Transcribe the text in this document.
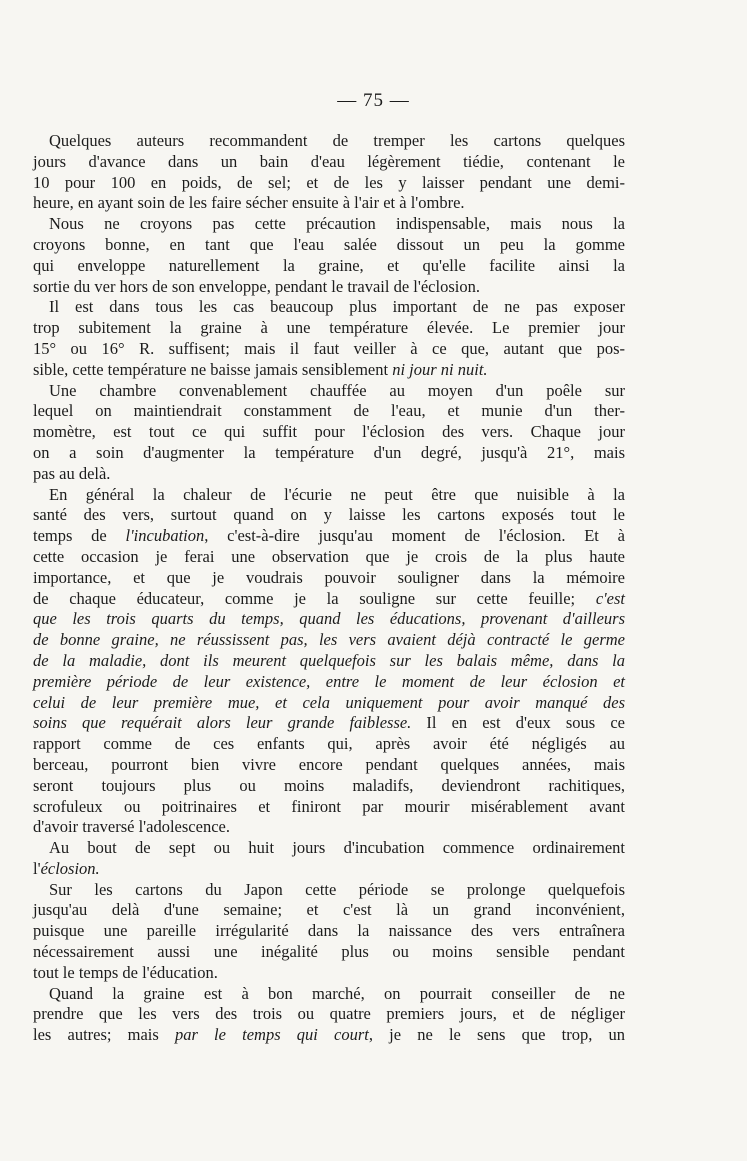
— 75 —
Quelques auteurs recommandent de tremper les cartons quelques
jours d'avance dans un bain d'eau légèrement tiédie, contenant le
10 pour 100 en poids, de sel; et de les y laisser pendant une demi-
heure, en ayant soin de les faire sécher ensuite à l'air et à l'ombre.
Nous ne croyons pas cette précaution indispensable, mais nous la
croyons bonne, en tant que l'eau salée dissout un peu la gomme
qui enveloppe naturellement la graine, et qu'elle facilite ainsi la
sortie du ver hors de son enveloppe, pendant le travail de l'éclosion.
Il est dans tous les cas beaucoup plus important de ne pas exposer
trop subitement la graine à une température élevée. Le premier jour
15° ou 16° R. suffisent; mais il faut veiller à ce que, autant que pos-
sible, cette température ne baisse jamais sensiblement ni jour ni nuit.
Une chambre convenablement chauffée au moyen d'un poêle sur
lequel on maintiendrait constamment de l'eau, et munie d'un ther-
momètre, est tout ce qui suffit pour l'éclosion des vers. Chaque jour
on a soin d'augmenter la température d'un degré, jusqu'à 21°, mais
pas au delà.
En général la chaleur de l'écurie ne peut être que nuisible à la
santé des vers, surtout quand on y laisse les cartons exposés tout le
temps de l'incubation, c'est-à-dire jusqu'au moment de l'éclosion. Et à
cette occasion je ferai une observation que je crois de la plus haute
importance, et que je voudrais pouvoir souligner dans la mémoire
de chaque éducateur, comme je la souligne sur cette feuille; c'est
que les trois quarts du temps, quand les éducations, provenant d'ailleurs
de bonne graine, ne réussissent pas, les vers avaient déjà contracté le germe
de la maladie, dont ils meurent quelquefois sur les balais même, dans la
première période de leur existence, entre le moment de leur éclosion et
celui de leur première mue, et cela uniquement pour avoir manqué des
soins que requérait alors leur grande faiblesse. Il en est d'eux sous ce
rapport comme de ces enfants qui, après avoir été négligés au
berceau, pourront bien vivre encore pendant quelques années, mais
seront toujours plus ou moins maladifs, deviendront rachitiques,
scrofuleux ou poitrinaires et finiront par mourir misérablement avant
d'avoir traversé l'adolescence.
Au bout de sept ou huit jours d'incubation commence ordinairement
l'éclosion.
Sur les cartons du Japon cette période se prolonge quelquefois
jusqu'au delà d'une semaine; et c'est là un grand inconvénient,
puisque une pareille irrégularité dans la naissance des vers entraînera
nécessairement aussi une inégalité plus ou moins sensible pendant
tout le temps de l'éducation.
Quand la graine est à bon marché, on pourrait conseiller de ne
prendre que les vers des trois ou quatre premiers jours, et de négliger
les autres; mais par le temps qui court, je ne le sens que trop, un
